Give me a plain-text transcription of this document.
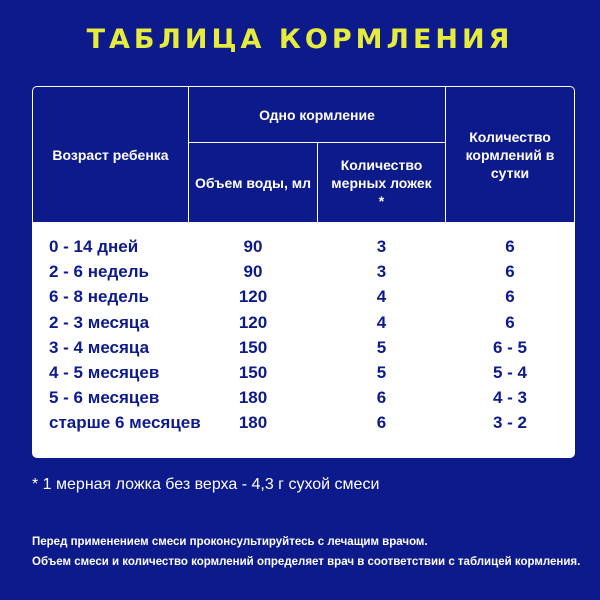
ТАБЛИЦА КОРМЛЕНИЯ
Возраст ребенка
Одно кормление
Объем воды, мл
Количество мерных ложек *
Количество кормлений в сутки
0 - 14 дней	90	3	6
2 - 6 недель	90	3	6
6 - 8 недель	120	4	6
2 - 3 месяца	120	4	6
3 - 4 месяца	150	5	6 - 5
4 - 5 месяцев	150	5	5 - 4
5 - 6 месяцев	180	6	4 - 3
старше 6 месяцев	180	6	3 - 2
* 1 мерная ложка без верха - 4,3 г сухой смеси
Перед применением смеси проконсультируйтесь с лечащим врачом.
Объем смеси и количество кормлений определяет врач в соответствии с таблицей кормления.
